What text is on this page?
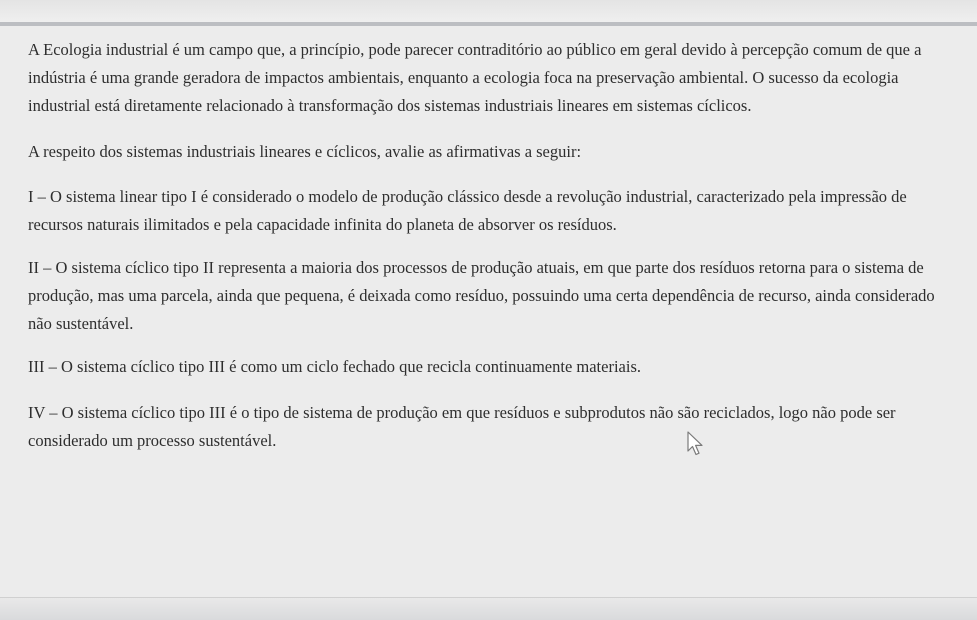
A Ecologia industrial é um campo que, a princípio, pode parecer contraditório ao público em geral devido à percepção comum de que a indústria é uma grande geradora de impactos ambientais, enquanto a ecologia foca na preservação ambiental. O sucesso da ecologia industrial está diretamente relacionado à transformação dos sistemas industriais lineares em sistemas cíclicos.

A respeito dos sistemas industriais lineares e cíclicos, avalie as afirmativas a seguir:

I – O sistema linear tipo I é considerado o modelo de produção clássico desde a revolução industrial, caracterizado pela impressão de recursos naturais ilimitados e pela capacidade infinita do planeta de absorver os resíduos.

II – O sistema cíclico tipo II representa a maioria dos processos de produção atuais, em que parte dos resíduos retorna para o sistema de produção, mas uma parcela, ainda que pequena, é deixada como resíduo, possuindo uma certa dependência de recurso, ainda considerado não sustentável.

III – O sistema cíclico tipo III é como um ciclo fechado que recicla continuamente materiais.

IV – O sistema cíclico tipo III é o tipo de sistema de produção em que resíduos e subprodutos não são reciclados, logo não pode ser considerado um processo sustentável.
